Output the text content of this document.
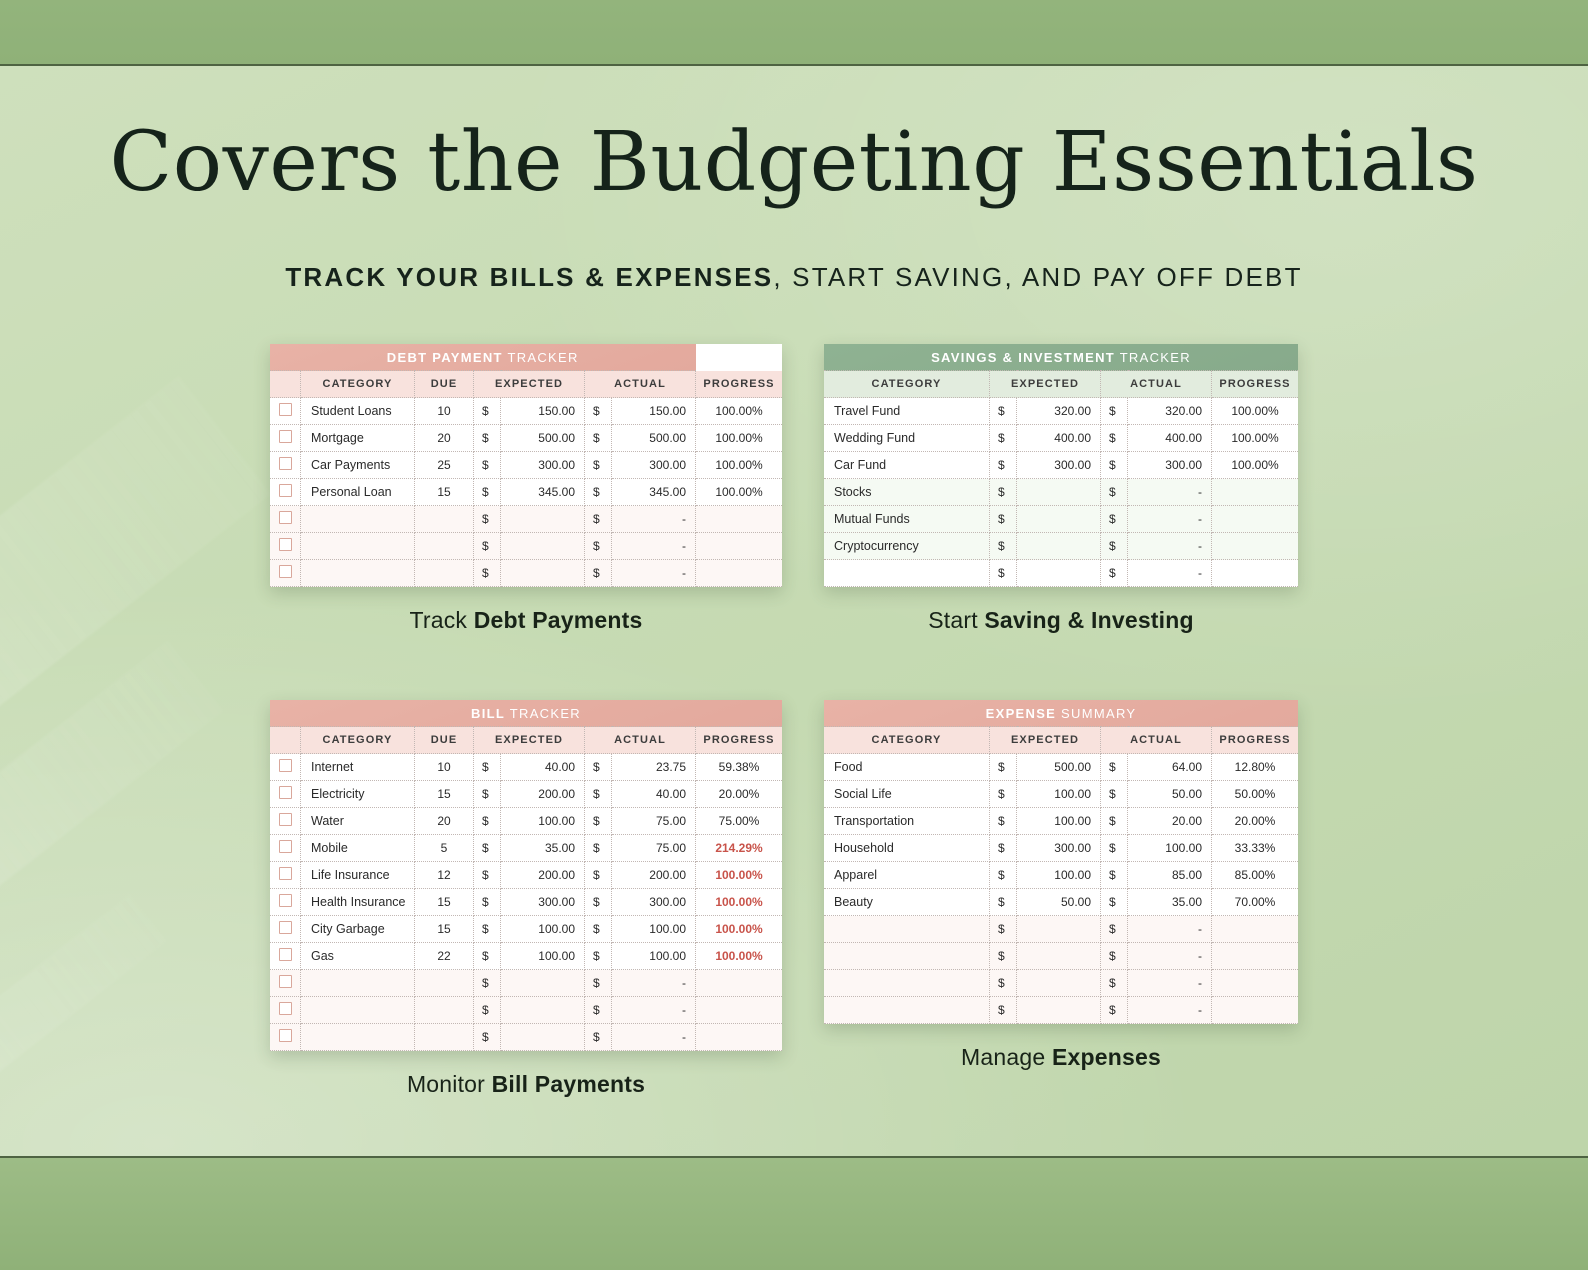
Covers the Budgeting Essentials
TRACK YOUR BILLS & EXPENSES, START SAVING, AND PAY OFF DEBT
DEBT PAYMENT TRACKER							
	CATEGORY	DUE	EXPECTED		ACTUAL		PROGRESS
	Student Loans	10	$	150.00	$	150.00	100.00%
	Mortgage	20	$	500.00	$	500.00	100.00%
	Car Payments	25	$	300.00	$	300.00	100.00%
	Personal Loan	15	$	345.00	$	345.00	100.00%
			$		$	-	
			$		$	-	
			$		$	-	
Track Debt Payments
SAVINGS & INVESTMENT TRACKER					
CATEGORY	EXPECTED		ACTUAL		PROGRESS
Travel Fund	$	320.00	$	320.00	100.00%
Wedding Fund	$	400.00	$	400.00	100.00%
Car Fund	$	300.00	$	300.00	100.00%
Stocks	$		$	-	
Mutual Funds	$		$	-	
Cryptocurrency	$		$	-	
	$		$	-	
Start Saving & Investing
BILL TRACKER							
	CATEGORY	DUE	EXPECTED		ACTUAL		PROGRESS
	Internet	10	$	40.00	$	23.75	59.38%
	Electricity	15	$	200.00	$	40.00	20.00%
	Water	20	$	100.00	$	75.00	75.00%
	Mobile	5	$	35.00	$	75.00	214.29%
	Life Insurance	12	$	200.00	$	200.00	100.00%
	Health Insurance	15	$	300.00	$	300.00	100.00%
	City Garbage	15	$	100.00	$	100.00	100.00%
	Gas	22	$	100.00	$	100.00	100.00%
			$		$	-	
			$		$	-	
			$		$	-	
Monitor Bill Payments
EXPENSE SUMMARY					
CATEGORY	EXPECTED		ACTUAL		PROGRESS
Food	$	500.00	$	64.00	12.80%
Social Life	$	100.00	$	50.00	50.00%
Transportation	$	100.00	$	20.00	20.00%
Household	$	300.00	$	100.00	33.33%
Apparel	$	100.00	$	85.00	85.00%
Beauty	$	50.00	$	35.00	70.00%
	$		$	-	
	$		$	-	
	$		$	-	
	$		$	-	
Manage Expenses
